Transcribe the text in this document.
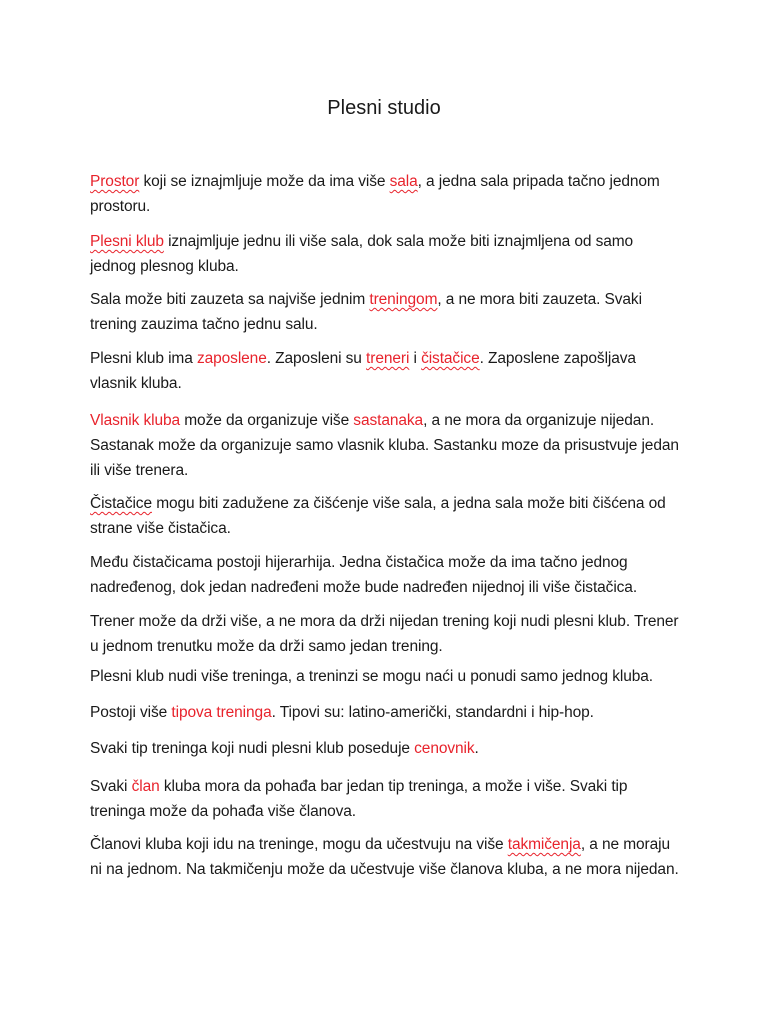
Plesni studio

Prostor koji se iznajmljuje može da ima više sala, a jedna sala pripada tačno jednom prostoru.

Plesni klub iznajmljuje jednu ili više sala, dok sala može biti iznajmljena od samo jednog plesnog kluba.

Sala može biti zauzeta sa najviše jednim treningom, a ne mora biti zauzeta. Svaki trening zauzima tačno jednu salu.

Plesni klub ima zaposlene. Zaposleni su treneri i čistačice. Zaposlene zapošljava vlasnik kluba.

Vlasnik kluba može da organizuje više sastanaka, a ne mora da organizuje nijedan. Sastanak može da organizuje samo vlasnik kluba. Sastanku moze da prisustvuje jedan ili više trenera.

Čistačice mogu biti zadužene za čišćenje više sala, a jedna sala može biti čišćena od strane više čistačica.

Među čistačicama postoji hijerarhija. Jedna čistačica može da ima tačno jednog nadređenog, dok jedan nadređeni može bude nadređen nijednoj ili više čistačica.

Trener može da drži više, a ne mora da drži nijedan trening koji nudi plesni klub. Trener u jednom trenutku može da drži samo jedan trening.

Plesni klub nudi više treninga, a treninzi se mogu naći u ponudi samo jednog kluba.

Postoji više tipova treninga. Tipovi su: latino-američki, standardni i hip-hop.

Svaki tip treninga koji nudi plesni klub poseduje cenovnik.

Svaki član kluba mora da pohađa bar jedan tip treninga, a može i više. Svaki tip treninga može da pohađa više članova.

Članovi kluba koji idu na treninge, mogu da učestvuju na više takmičenja, a ne moraju ni na jednom. Na takmičenju može da učestvuje više članova kluba, a ne mora nijedan.
